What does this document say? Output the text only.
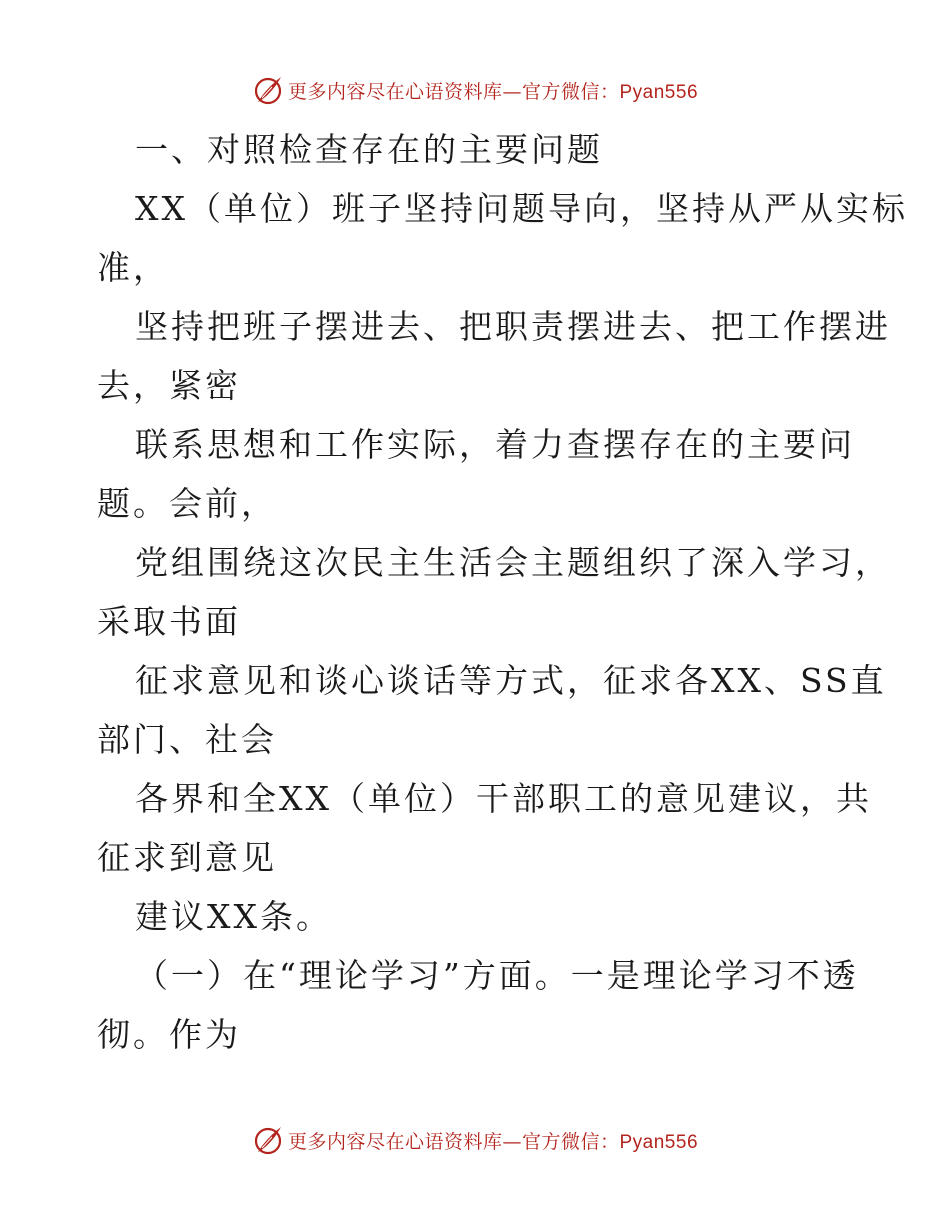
更多内容尽在心语资料库—官方微信：Pyan556
一、对照检查存在的主要问题
XX（单位）班子坚持问题导向，坚持从严从实标
准，
坚持把班子摆进去、把职责摆进去、把工作摆进
去，紧密
联系思想和工作实际，着力查摆存在的主要问
题。会前，
党组围绕这次民主生活会主题组织了深入学习，
采取书面
征求意见和谈心谈话等方式，征求各XX、SS直
部门、社会
各界和全XX（单位）干部职工的意见建议，共
征求到意见
建议XX条。
（一）在“理论学习”方面。一是理论学习不透
彻。作为
更多内容尽在心语资料库—官方微信：Pyan556
